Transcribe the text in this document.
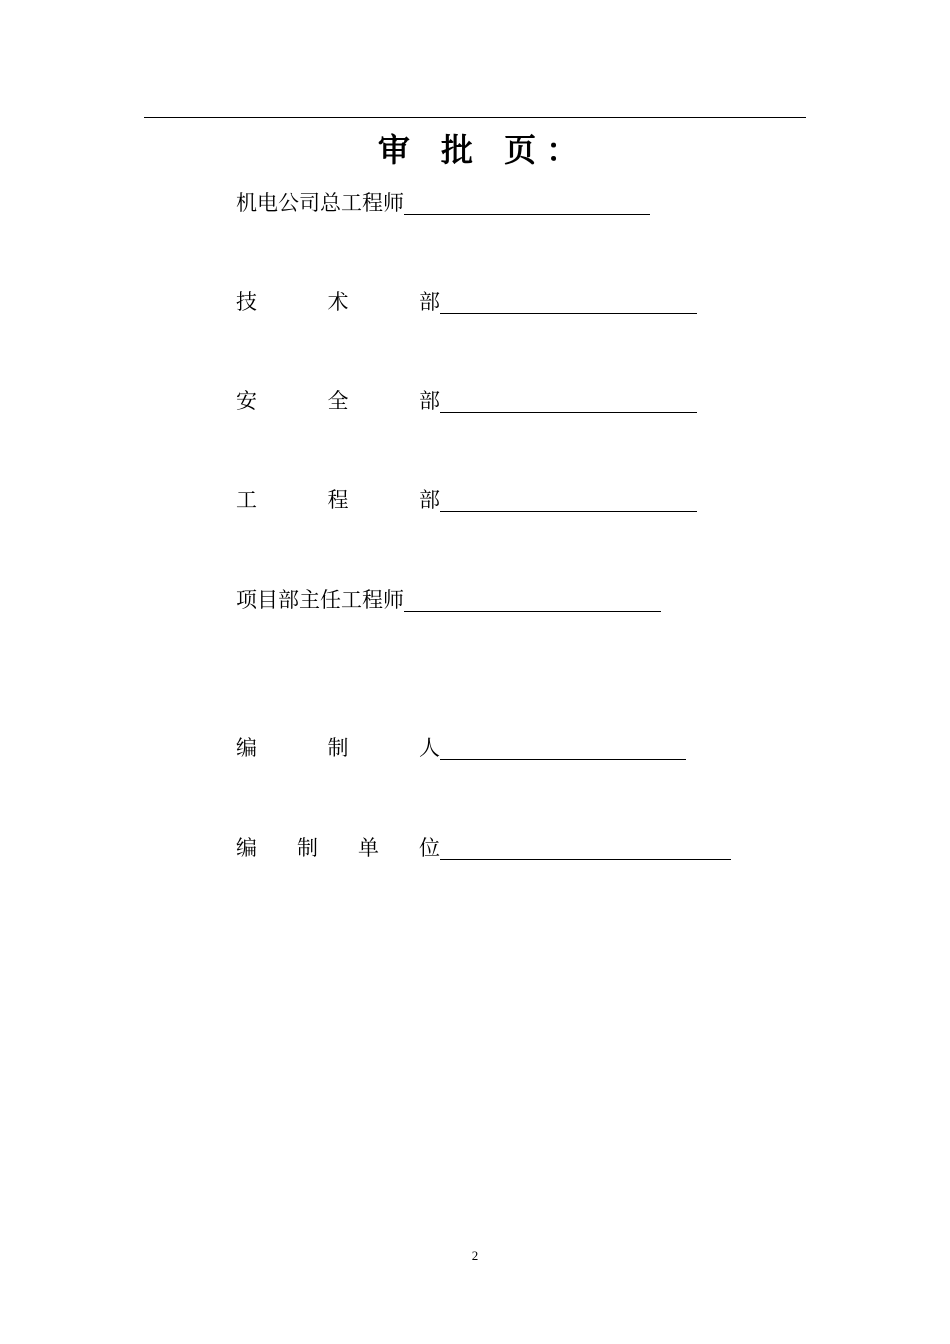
审 批 页：
机电公司总工程师
技	术	部
安	全	部
工	程	部
项目部主任工程师
编	制	人
编 制 单 位
2
